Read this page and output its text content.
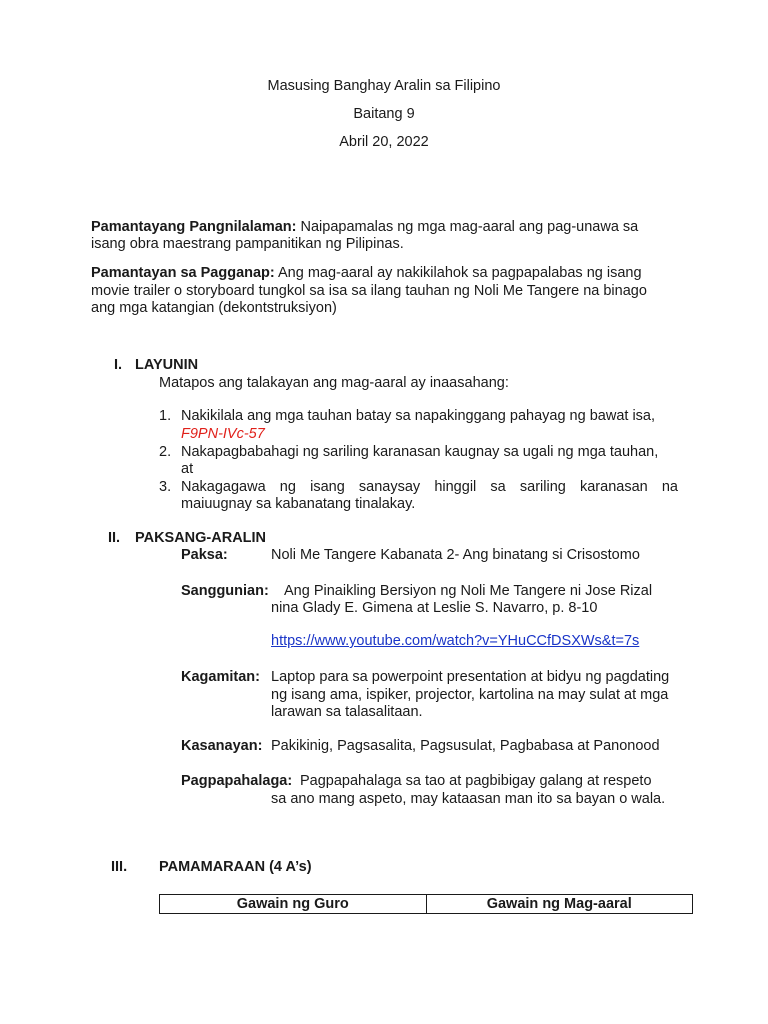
Masusing Banghay Aralin sa Filipino
Baitang 9
Abril 20, 2022
Pamantayang Pangnilalaman: Naipapamalas ng mga mag-aaral ang pag-unawa sa
isang obra maestrang pampanitikan ng Pilipinas.
Pamantayan sa Pagganap: Ang mag-aaral ay nakikilahok sa pagpapalabas ng isang
movie trailer o storyboard tungkol sa isa sa ilang tauhan ng Noli Me Tangere na binago
ang mga katangian (dekontstruksiyon)
I. LAYUNIN
Matapos ang talakayan ang mag-aaral ay inaasahang:
1. Nakikilala ang mga tauhan batay sa napakinggang pahayag ng bawat isa,
F9PN-IVc-57
2. Nakapagbabahagi ng sariling karanasan kaugnay sa ugali ng mga tauhan,
at
3. Nakagagawa ng isang sanaysay hinggil sa sariling karanasan na
maiuugnay sa kabanatang tinalakay.
II. PAKSANG-ARALIN
Paksa:	Noli Me Tangere Kabanata 2- Ang binatang si Crisostomo
Sanggunian: Ang Pinaikling Bersiyon ng Noli Me Tangere ni Jose Rizal
nina Glady E. Gimena at Leslie S. Navarro, p. 8-10
https://www.youtube.com/watch?v=YHuCCfDSXWs&t=7s
Kagamitan: Laptop para sa powerpoint presentation at bidyu ng pagdating
ng isang ama, ispiker, projector, kartolina na may sulat at mga
larawan sa talasalitaan.
Kasanayan: Pakikinig, Pagsasalita, Pagsusulat, Pagbabasa at Panonood
Pagpapahalaga: Pagpapahalaga sa tao at pagbibigay galang at respeto
sa ano mang aspeto, may kataasan man ito sa bayan o wala.
III. PAMAMARAAN (4 A’s)
Gawain ng Guro	Gawain ng Mag-aaral
